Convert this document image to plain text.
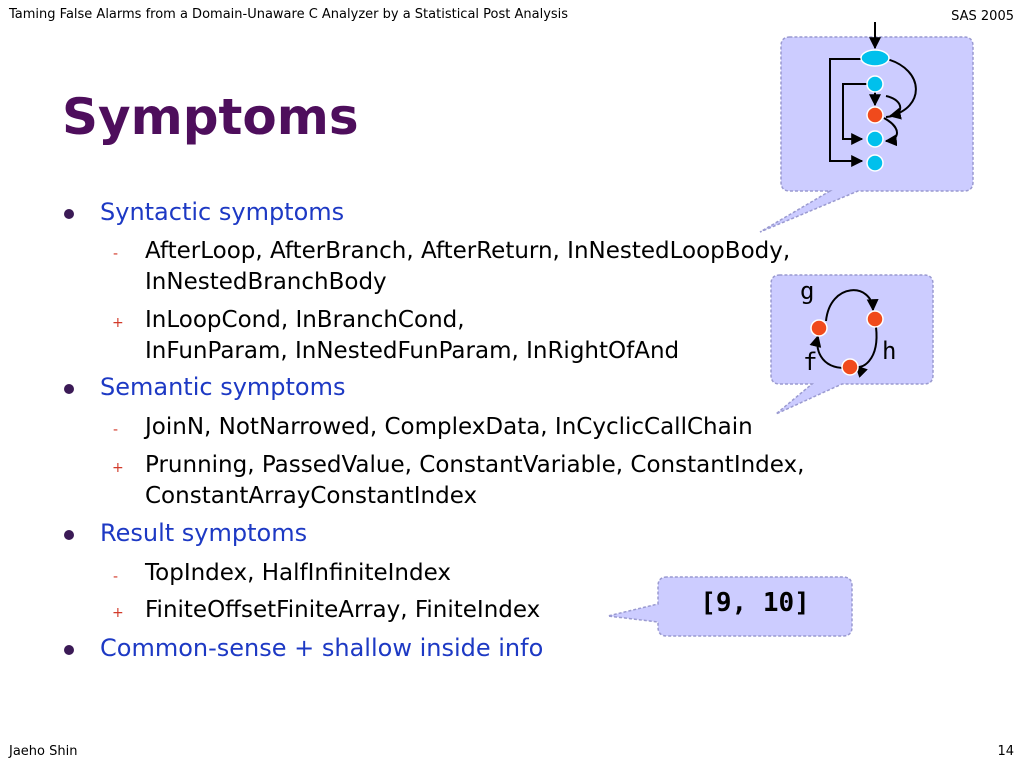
Taming False Alarms from a Domain-Unaware C Analyzer by a Statistical Post Analysis	SAS 2005
Jaeho Shin	14
Symptoms
g
f	h
[9, 10]
Syntactic symptoms
- AfterLoop, AfterBranch, AfterReturn, InNestedLoopBody,
InNestedBranchBody
+ InLoopCond, InBranchCond,
InFunParam, InNestedFunParam, InRightOfAnd
Semantic symptoms
- JoinN, NotNarrowed, ComplexData, InCyclicCallChain
+ Prunning, PassedValue, ConstantVariable, ConstantIndex,
ConstantArrayConstantIndex
Result symptoms
- TopIndex, HalfInfiniteIndex
+ FiniteOffsetFiniteArray, FiniteIndex
Common-sense + shallow inside info
